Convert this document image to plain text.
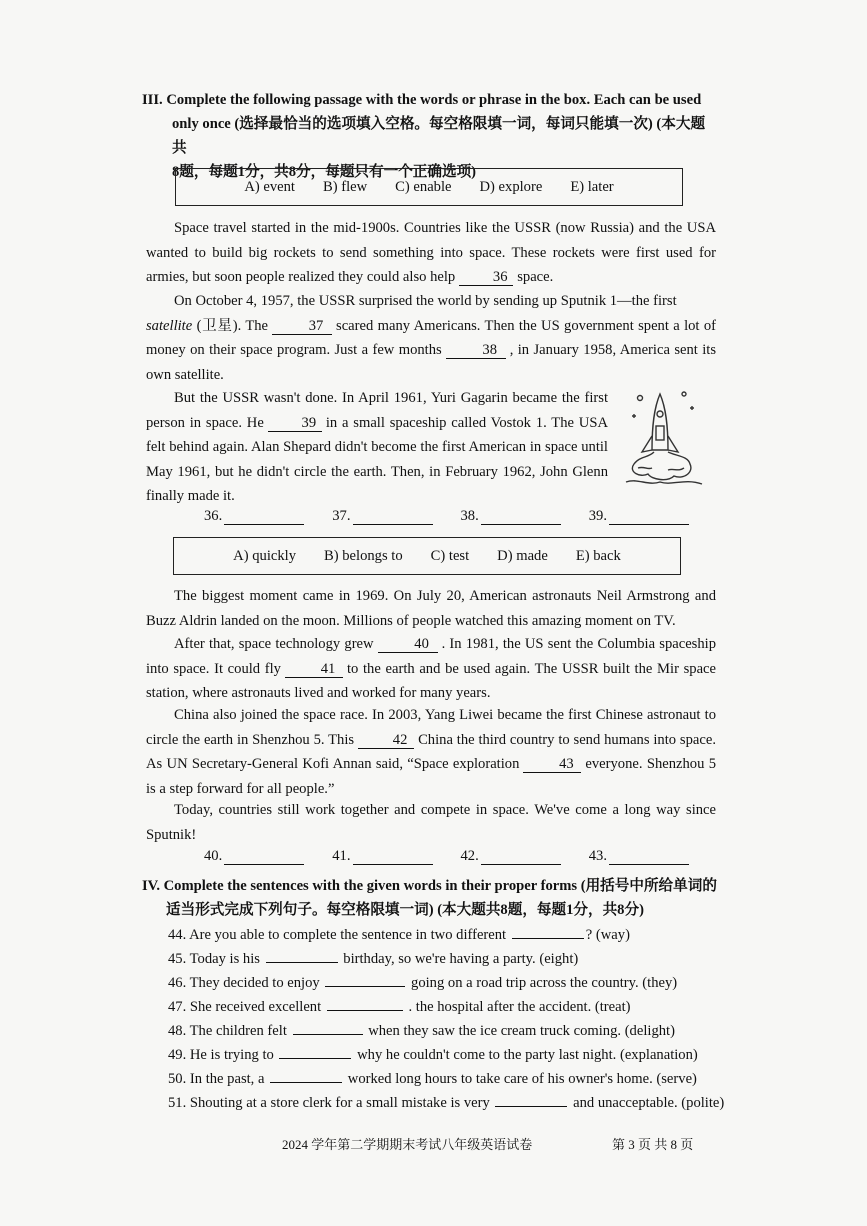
III. Complete the following passage with the words or phrase in the box. Each can be used
only once (选择最恰当的选项填入空格。每空格限填一词，每词只能填一次) (本大题共
8题，每题1分，共8分，每题只有一个正确选项)
A) event B) flew C) enable D) explore E) later
Space travel started in the mid-1900s. Countries like the USSR (now Russia) and the USA wanted to build big rockets to send something into space. These rockets were first used for armies, but soon people realized they could also help	36 space.
On October 4, 1957, the USSR surprised the world by sending up Sputnik 1—the first
satellite (卫星). The	37 scared many Americans. Then the US government spent a lot of money on their space program. Just a few months	38 , in January 1958, America sent its own satellite.
But the USSR wasn't done. In April 1961, Yuri Gagarin became the first person in space. He	39 in a small spaceship called Vostok 1. The USA felt behind again. Alan Shepard didn't become the first American in space until May 1961, but he didn't circle the earth. Then, in February 1962, John Glenn finally made it.
36.	37.	38.	39.
A) quickly B) belongs to C) test D) made E) back
The biggest moment came in 1969. On July 20, American astronauts Neil Armstrong and Buzz Aldrin landed on the moon. Millions of people watched this amazing moment on TV.
After that, space technology grew	40 . In 1981, the US sent the Columbia spaceship into space. It could fly	41 to the earth and be used again. The USSR built the Mir space station, where astronauts lived and worked for many years.
China also joined the space race. In 2003, Yang Liwei became the first Chinese astronaut to circle the earth in Shenzhou 5. This	42 China the third country to send humans into space. As UN Secretary-General Kofi Annan said, “Space exploration	43 everyone. Shenzhou 5 is a step forward for all people.”
Today, countries still work together and compete in space. We've come a long way since Sputnik!
40.	41.	42.	43.
IV. Complete the sentences with the given words in their proper forms (用括号中所给单词的
适当形式完成下列句子。每空格限填一词) (本大题共8题，每题1分，共8分)
44. Are you able to complete the sentence in two different	? (way)
45. Today is his	birthday, so we're having a party. (eight)
46. They decided to enjoy	going on a road trip across the country. (they)
47. She received excellent	. the hospital after the accident. (treat)
48. The children felt	when they saw the ice cream truck coming. (delight)
49. He is trying to	why he couldn't come to the party last night. (explanation)
50. In the past, a	worked long hours to take care of his owner's home. (serve)
51. Shouting at a store clerk for a small mistake is very	and unacceptable. (polite)
2024 学年第二学期期末考试八年级英语试卷	第 3 页 共 8 页
